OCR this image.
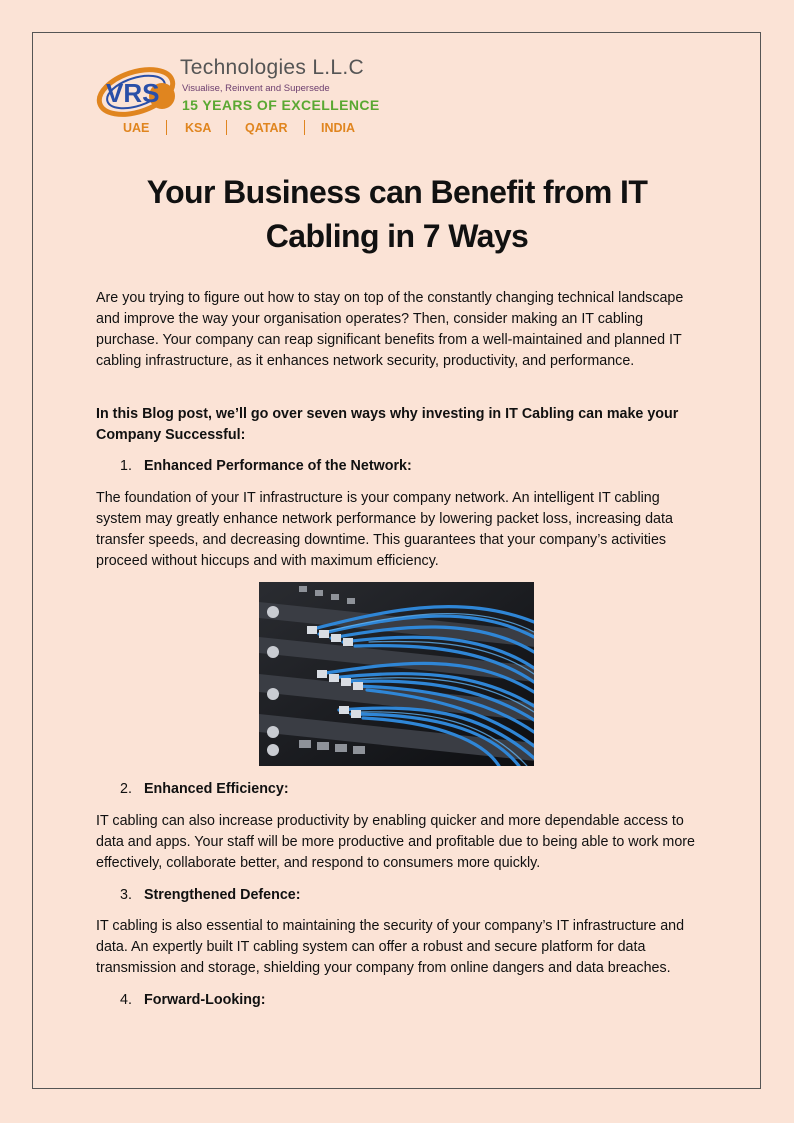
VRS
Technologies L.L.C
Visualise, Reinvent and Supersede
15 YEARS OF EXCELLENCE
UAE	KSA	QATAR	INDIA
Your Business can Benefit from IT Cabling in 7 Ways

Are you trying to figure out how to stay on top of the constantly changing technical landscape and improve the way your organisation operates? Then, consider making an IT cabling purchase. Your company can reap significant benefits from a well-maintained and planned IT cabling infrastructure, as it enhances network security, productivity, and performance.

In this Blog post, we’ll go over seven ways why investing in IT Cabling can make your Company Successful:

1. Enhanced Performance of the Network:

The foundation of your IT infrastructure is your company network. An intelligent IT cabling system may greatly enhance network performance by lowering packet loss, increasing data transfer speeds, and decreasing downtime. This guarantees that your company’s activities proceed without hiccups and with maximum efficiency.

2. Enhanced Efficiency:

IT cabling can also increase productivity by enabling quicker and more dependable access to data and apps. Your staff will be more productive and profitable due to being able to work more effectively, collaborate better, and respond to consumers more quickly.

3. Strengthened Defence:

IT cabling is also essential to maintaining the security of your company’s IT infrastructure and data. An expertly built IT cabling system can offer a robust and secure platform for data transmission and storage, shielding your company from online dangers and data breaches.

4. Forward-Looking:
